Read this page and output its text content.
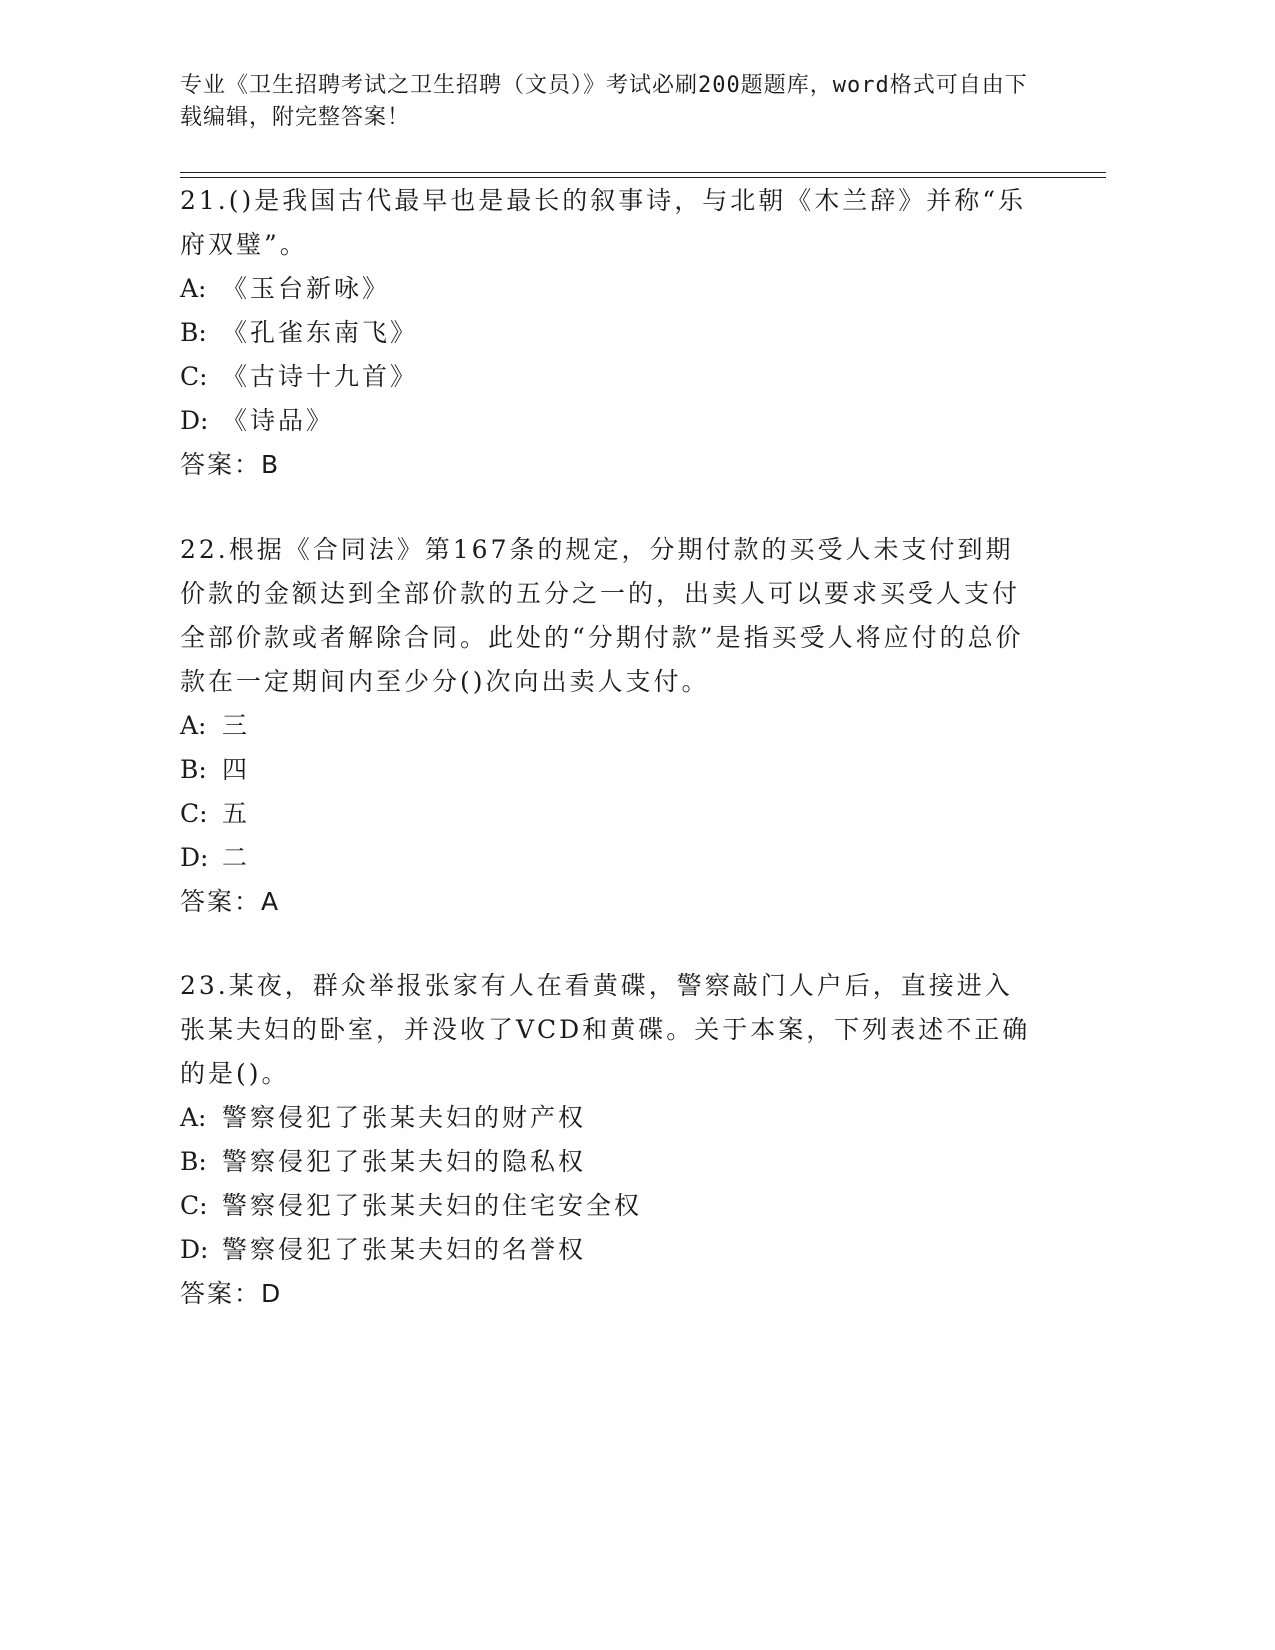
专业《卫生招聘考试之卫生招聘（文员）》考试必刷200题题库，word格式可自由下载编辑，附完整答案！
21.()是我国古代最早也是最长的叙事诗，与北朝《木兰辞》并称“乐府双璧”。
A: 《玉台新咏》
B: 《孔雀东南飞》
C: 《古诗十九首》
D: 《诗品》
答案：B
22.根据《合同法》第167条的规定，分期付款的买受人未支付到期价款的金额达到全部价款的五分之一的，出卖人可以要求买受人支付全部价款或者解除合同。此处的“分期付款”是指买受人将应付的总价款在一定期间内至少分()次向出卖人支付。
A: 三
B: 四
C: 五
D: 二
答案：A
23.某夜，群众举报张家有人在看黄碟，警察敲门人户后，直接进入张某夫妇的卧室，并没收了VCD和黄碟。关于本案，下列表述不正确的是()。
A: 警察侵犯了张某夫妇的财产权
B: 警察侵犯了张某夫妇的隐私权
C: 警察侵犯了张某夫妇的住宅安全权
D: 警察侵犯了张某夫妇的名誉权
答案：D
